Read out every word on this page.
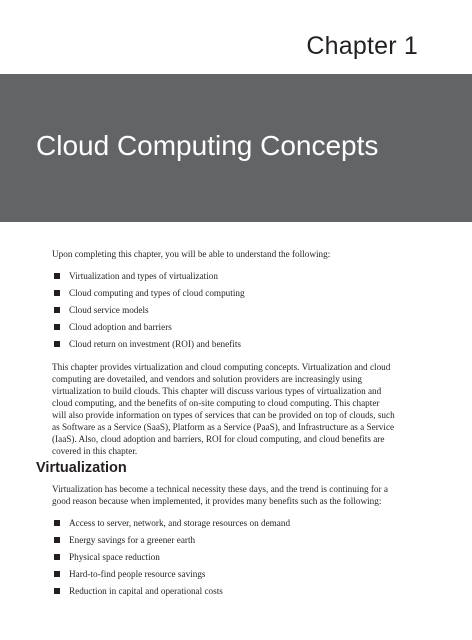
Chapter 1
Cloud Computing Concepts

Upon completing this chapter, you will be able to understand the following:

Virtualization and types of virtualization
Cloud computing and types of cloud computing
Cloud service models
Cloud adoption and barriers
Cloud return on investment (ROI) and benefits

This chapter provides virtualization and cloud computing concepts. Virtualization and cloud computing are dovetailed, and vendors and solution providers are increasingly using virtualization to build clouds. This chapter will discuss various types of virtualization and cloud computing, and the benefits of on-site computing to cloud computing. This chapter will also provide information on types of services that can be provided on top of clouds, such as Software as a Service (SaaS), Platform as a Service (PaaS), and Infrastructure as a Service (IaaS). Also, cloud adoption and barriers, ROI for cloud computing, and cloud benefits are covered in this chapter.

Virtualization

Virtualization has become a technical necessity these days, and the trend is continuing for a good reason because when implemented, it provides many benefits such as the following:

Access to server, network, and storage resources on demand
Energy savings for a greener earth
Physical space reduction
Hard-to-find people resource savings
Reduction in capital and operational costs
